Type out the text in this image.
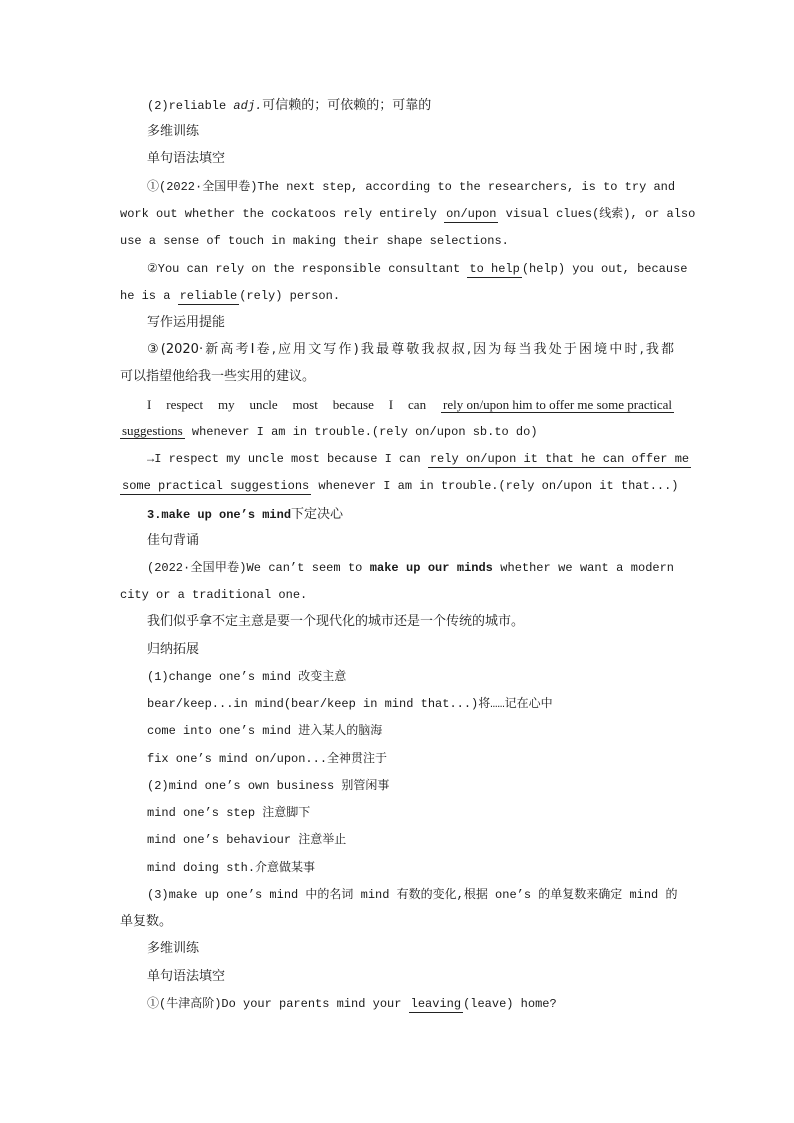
(2)reliable adj.可信赖的；可依赖的；可靠的
多维训练
单句语法填空
①(2022·全国甲卷)The next step, according to the researchers, is to try and
work out whether the cockatoos rely entirely on/upon visual clues(线索), or also
use a sense of touch in making their shape selections.
②You can rely on the responsible consultant to help(help) you out, because
he is a reliable(rely) person.
写作运用提能
③(2020·新高考Ⅰ卷,应用文写作)我最尊敬我叔叔,因为每当我处于困境中时,我都
可以指望他给我一些实用的建议。
I respect my uncle most because I can rely on/upon him to offer me some practical
suggestions whenever I am in trouble.(rely on/upon sb.to do)
→I respect my uncle most because I can rely on/upon it that he can offer me
some practical suggestions whenever I am in trouble.(rely on/upon it that...)
3.make up one’s mind下定决心
佳句背诵
(2022·全国甲卷)We can’t seem to make up our minds whether we want a modern
city or a traditional one.
我们似乎拿不定主意是要一个现代化的城市还是一个传统的城市。
归纳拓展
(1)change one’s mind 改变主意
bear/keep...in mind(bear/keep in mind that...)将……记在心中
come into one’s mind 进入某人的脑海
fix one’s mind on/upon...全神贯注于
(2)mind one’s own business 别管闲事
mind one’s step 注意脚下
mind one’s behaviour 注意举止
mind doing sth.介意做某事
(3)make up one’s mind 中的名词 mind 有数的变化,根据 one’s 的单复数来确定 mind 的
单复数。
多维训练
单句语法填空
①(牛津高阶)Do your parents mind your leaving(leave) home?
